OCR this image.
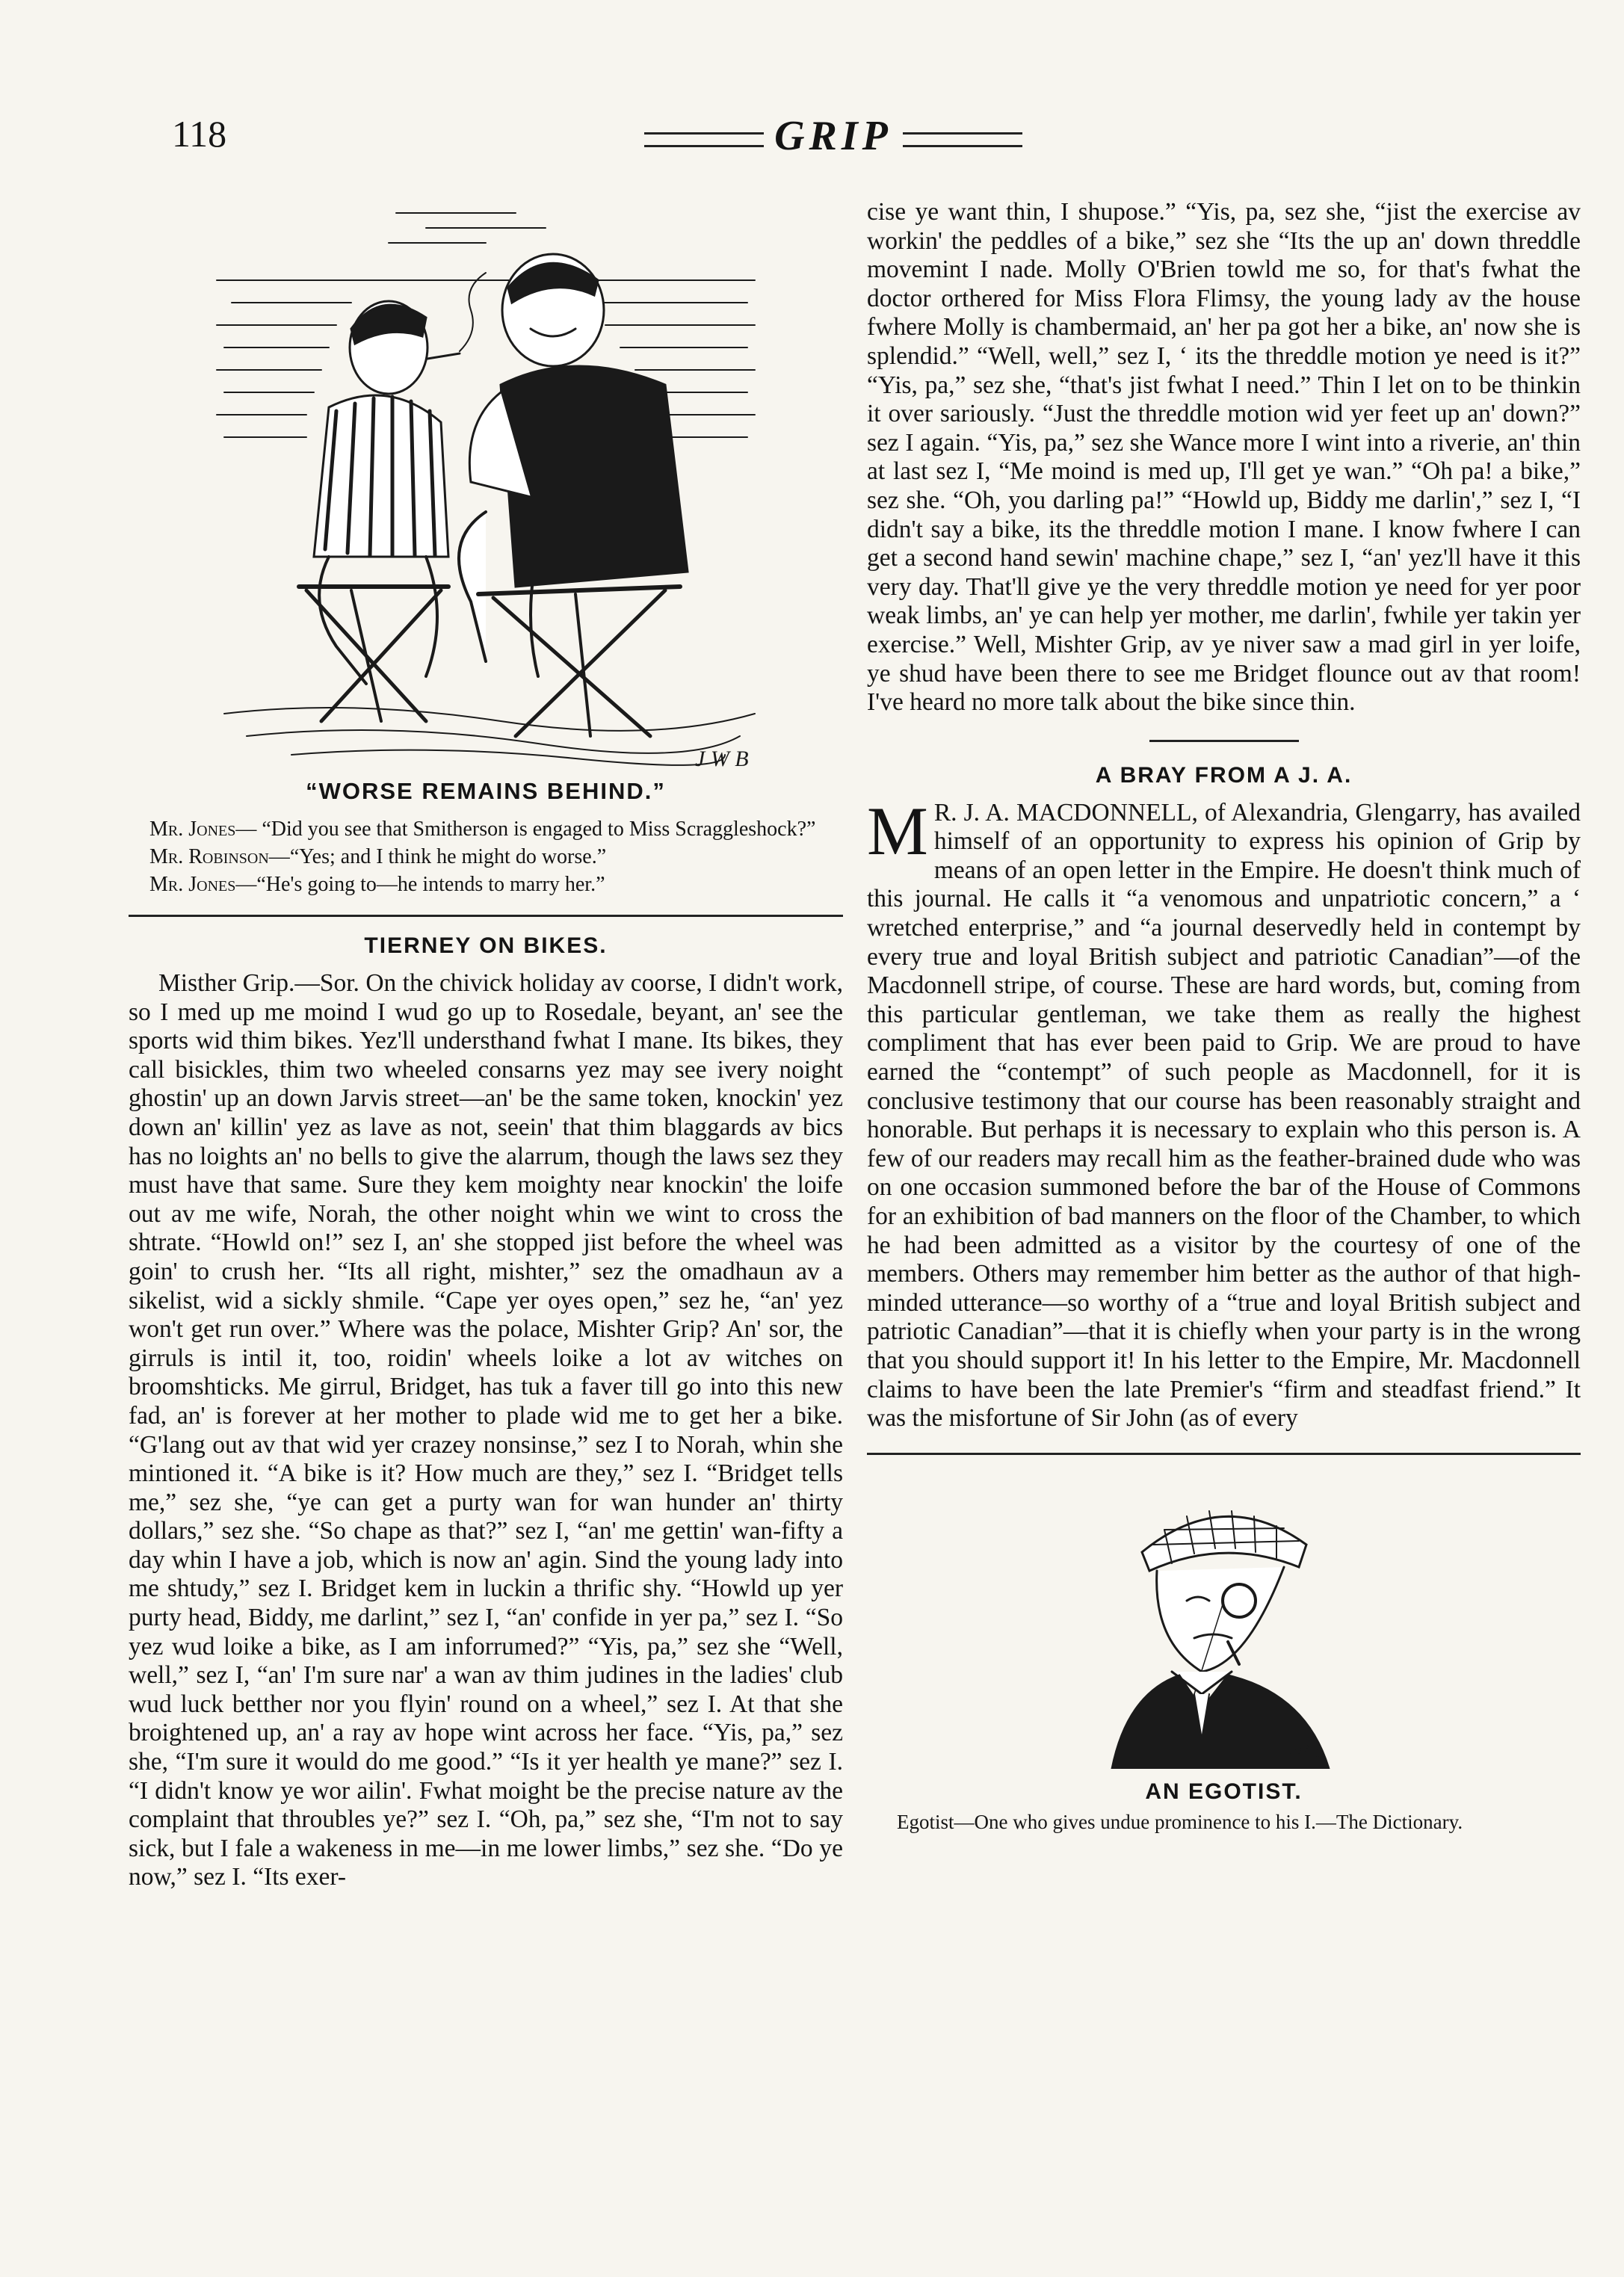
118	GRIP
J W B
“WORSE REMAINS BEHIND.”

Mr. Jones— “Did you see that Smitherson is engaged to Miss Scraggleshock?”

Mr. Robinson—“Yes; and I think he might do worse.”

Mr. Jones—“He's going to—he intends to marry her.”

TIERNEY ON BIKES.

Misther Grip.—Sor. On the chivick holiday av coorse, I didn't work, so I med up me moind I wud go up to Rosedale, beyant, an' see the sports wid thim bikes. Yez'll understhand fwhat I mane. Its bikes, they call bisickles, thim two wheeled consarns yez may see ivery noight ghostin' up an down Jarvis street—an' be the same token, knockin' yez down an' killin' yez as lave as not, seein' that thim blaggards av bics has no loights an' no bells to give the alarrum, though the laws sez they must have that same. Sure they kem moighty near knockin' the loife out av me wife, Norah, the other noight whin we wint to cross the shtrate. “Howld on!” sez I, an' she stopped jist before the wheel was goin' to crush her. “Its all right, mishter,” sez the omadhaun av a sikelist, wid a sickly shmile. “Cape yer oyes open,” sez he, “an' yez won't get run over.” Where was the polace, Mishter Grip? An' sor, the girruls is intil it, too, roidin' wheels loike a lot av witches on broomshticks. Me girrul, Bridget, has tuk a faver till go into this new fad, an' is forever at her mother to plade wid me to get her a bike. “G'lang out av that wid yer crazey nonsinse,” sez I to Norah, whin she mintioned it. “A bike is it? How much are they,” sez I. “Bridget tells me,” sez she, “ye can get a purty wan for wan hunder an' thirty dollars,” sez she. “So chape as that?” sez I, “an' me gettin' wan-fifty a day whin I have a job, which is now an' agin. Sind the young lady into me shtudy,” sez I. Bridget kem in luckin a thrific shy. “Howld up yer purty head, Biddy, me darlint,” sez I, “an' confide in yer pa,” sez I. “So yez wud loike a bike, as I am inforrumed?” “Yis, pa,” sez she “Well, well,” sez I, “an' I'm sure nar' a wan av thim judines in the ladies' club wud luck betther nor you flyin' round on a wheel,” sez I. At that she broightened up, an' a ray av hope wint across her face. “Yis, pa,” sez she, “I'm sure it would do me good.” “Is it yer health ye mane?” sez I. “I didn't know ye wor ailin'. Fwhat moight be the precise nature av the complaint that throubles ye?” sez I. “Oh, pa,” sez she, “I'm not to say sick, but I fale a wakeness in me—in me lower limbs,” sez she. “Do ye now,” sez I. “Its exer-

cise ye want thin, I shupose.” “Yis, pa, sez she, “jist the exercise av workin' the peddles of a bike,” sez she “Its the up an' down threddle movemint I nade. Molly O'Brien towld me so, for that's fwhat the doctor orthered for Miss Flora Flimsy, the young lady av the house fwhere Molly is chambermaid, an' her pa got her a bike, an' now she is splendid.” “Well, well,” sez I, ‘ its the threddle motion ye need is it?” “Yis, pa,” sez she, “that's jist fwhat I need.” Thin I let on to be thinkin it over sariously. “Just the threddle motion wid yer feet up an' down?” sez I again. “Yis, pa,” sez she Wance more I wint into a riverie, an' thin at last sez I, “Me moind is med up, I'll get ye wan.” “Oh pa! a bike,” sez she. “Oh, you darling pa!” “Howld up, Biddy me darlin',” sez I, “I didn't say a bike, its the threddle motion I mane. I know fwhere I can get a second hand sewin' machine chape,” sez I, “an' yez'll have it this very day. That'll give ye the very threddle motion ye need for yer poor weak limbs, an' ye can help yer mother, me darlin', fwhile yer takin yer exercise.” Well, Mishter Grip, av ye niver saw a mad girl in yer loife, ye shud have been there to see me Bridget flounce out av that room! I've heard no more talk about the bike since thin.

A BRAY FROM A J. A.

M R. J. A. MACDONNELL, of Alexandria, Glengarry, has availed himself of an opportunity to express his opinion of Grip by means of an open letter in the Empire. He doesn't think much of this journal. He calls it “a venomous and unpatriotic concern,” a ‘ wretched enterprise,” and “a journal deservedly held in contempt by every true and loyal British subject and patriotic Canadian”—of the Macdonnell stripe, of course. These are hard words, but, coming from this particular gentleman, we take them as really the highest compliment that has ever been paid to Grip. We are proud to have earned the “contempt” of such people as Macdonnell, for it is conclusive testimony that our course has been reasonably straight and honorable. But perhaps it is necessary to explain who this person is. A few of our readers may recall him as the feather-brained dude who was on one occasion summoned before the bar of the House of Commons for an exhibition of bad manners on the floor of the Chamber, to which he had been admitted as a visitor by the courtesy of one of the members. Others may remember him better as the author of that high-minded utterance—so worthy of a “true and loyal British subject and patriotic Canadian”—that it is chiefly when your party is in the wrong that you should support it! In his letter to the Empire, Mr. Macdonnell claims to have been the late Premier's “firm and steadfast friend.” It was the misfortune of Sir John (as of every

JWB
AN EGOTIST.

Egotist—One who gives undue prominence to his I.—The Dictionary.
